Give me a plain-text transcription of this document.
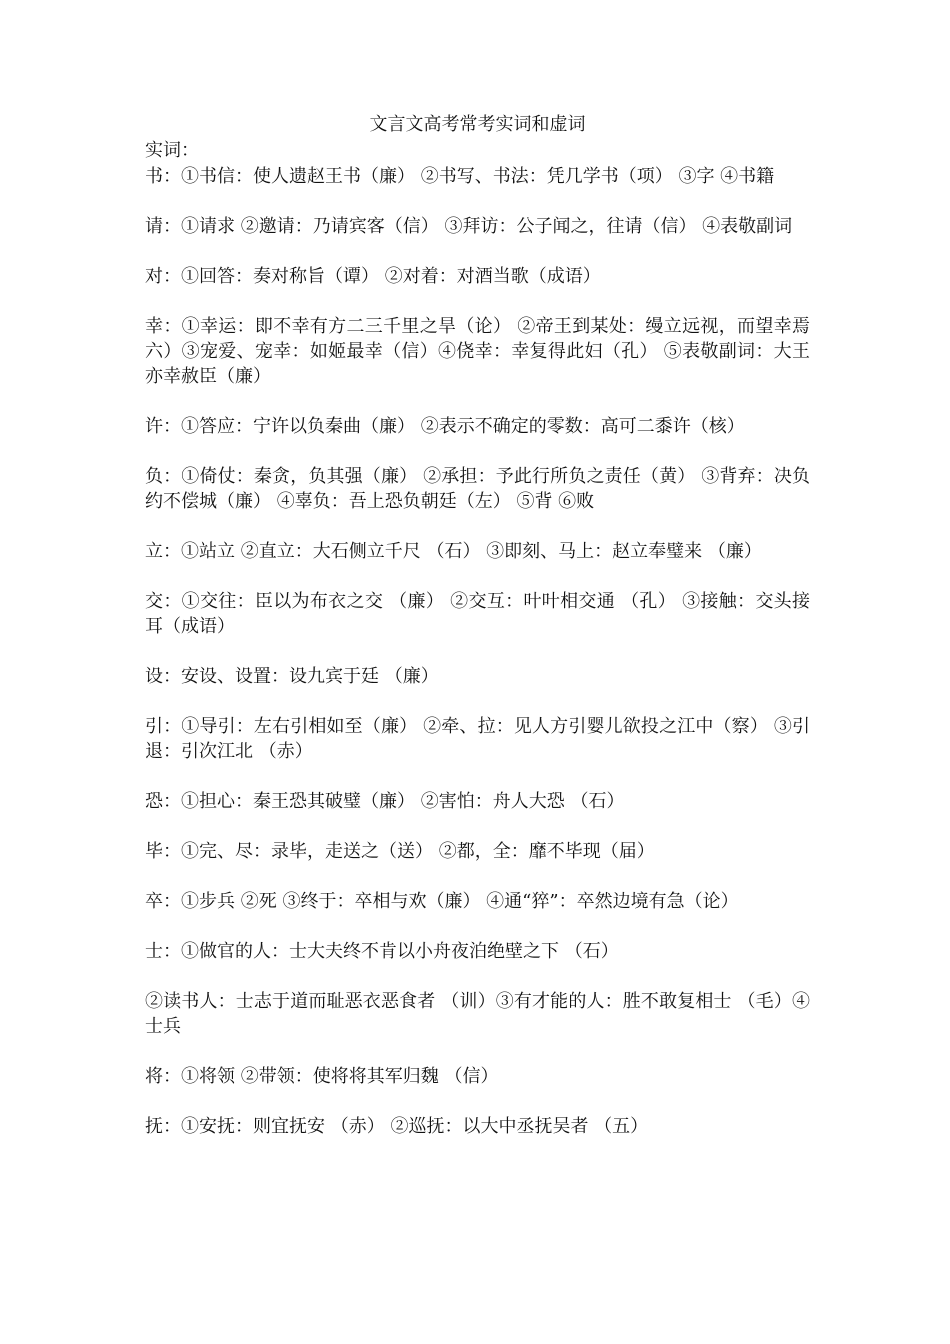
文言文高考常考实词和虚词

实词：

书：①书信：使人遗赵王书（廉） ②书写、书法：凭几学书（项） ③字 ④书籍

请：①请求 ②邀请：乃请宾客（信） ③拜访：公子闻之，往请（信） ④表敬副词

对：①回答：奏对称旨（谭） ②对着：对酒当歌（成语）

幸：①幸运：即不幸有方二三千里之旱（论） ②帝王到某处：缦立远视，而望幸焉 六）③宠爱、宠幸：如姬最幸（信）④侥幸：幸复得此妇（孔） ⑤表敬副词：大王亦幸赦臣（廉）

许：①答应：宁许以负秦曲（廉） ②表示不确定的零数：高可二黍许（核）

负：①倚仗：秦贪，负其强（廉） ②承担：予此行所负之责任（黄） ③背弃：决负约不偿城（廉） ④辜负：吾上恐负朝廷（左） ⑤背 ⑥败

立：①站立 ②直立：大石侧立千尺 （石） ③即刻、马上：赵立奉璧来 （廉）

交：①交往：臣以为布衣之交 （廉） ②交互：叶叶相交通 （孔） ③接触：交头接耳（成语）

设：安设、设置：设九宾于廷 （廉）

引：①导引：左右引相如至（廉） ②牵、拉：见人方引婴儿欲投之江中（察） ③引退：引次江北 （赤）

恐：①担心：秦王恐其破璧（廉） ②害怕：舟人大恐 （石）

毕：①完、尽：录毕，走送之（送） ②都，全：靡不毕现（届）

卒：①步兵 ②死 ③终于：卒相与欢（廉） ④通“猝”：卒然边境有急（论）

士：①做官的人：士大夫终不肯以小舟夜泊绝壁之下 （石）

②读书人：士志于道而耻恶衣恶食者 （训）③有才能的人：胜不敢复相士 （毛）④士兵

将：①将领 ②带领：使将将其军归魏 （信）

抚：①安抚：则宜抚安 （赤） ②巡抚：以大中丞抚吴者 （五）
